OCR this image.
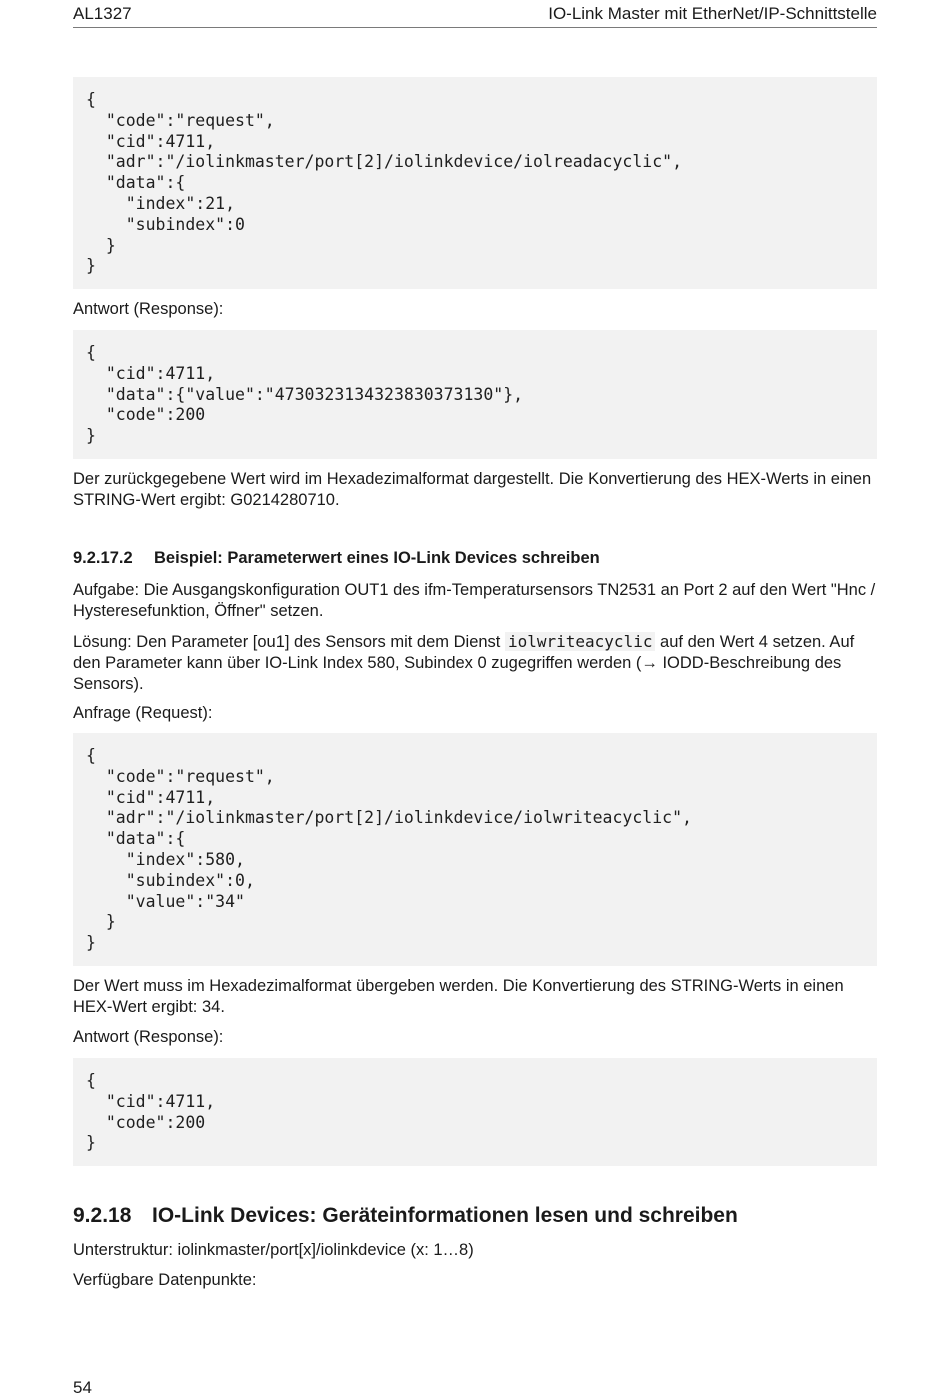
AL1327	IO-Link Master mit EtherNet/IP-Schnittstelle
{
"code":"request",
"cid":4711,
"adr":"/iolinkmaster/port[2]/iolinkdevice/iolreadacyclic",
"data":{
"index":21,
"subindex":0
}
}
Antwort (Response):
{
"cid":4711,
"data":{"value":"4730323134323830373130"},
"code":200
}
Der zurückgegebene Wert wird im Hexadezimalformat dargestellt. Die Konvertierung des HEX-Werts in einen STRING-Wert ergibt: G0214280710.
9.2.17.2 Beispiel: Parameterwert eines IO-Link Devices schreiben
Aufgabe: Die Ausgangskonfiguration OUT1 des ifm-Temperatursensors TN2531 an Port 2 auf den Wert "Hnc / Hysteresefunktion, Öffner" setzen.
Lösung: Den Parameter [ou1] des Sensors mit dem Dienst iolwriteacyclic auf den Wert 4 setzen. Auf den Parameter kann über IO-Link Index 580, Subindex 0 zugegriffen werden (→ IODD-Beschreibung des Sensors).
Anfrage (Request):
{
"code":"request",
"cid":4711,
"adr":"/iolinkmaster/port[2]/iolinkdevice/iolwriteacyclic",
"data":{
"index":580,
"subindex":0,
"value":"34"
}
}
Der Wert muss im Hexadezimalformat übergeben werden. Die Konvertierung des STRING-Werts in einen HEX-Wert ergibt: 34.
Antwort (Response):
{
"cid":4711,
"code":200
}
9.2.18 IO-Link Devices: Geräteinformationen lesen und schreiben
Unterstruktur: iolinkmaster/port[x]/iolinkdevice (x: 1…8)
Verfügbare Datenpunkte:
54
